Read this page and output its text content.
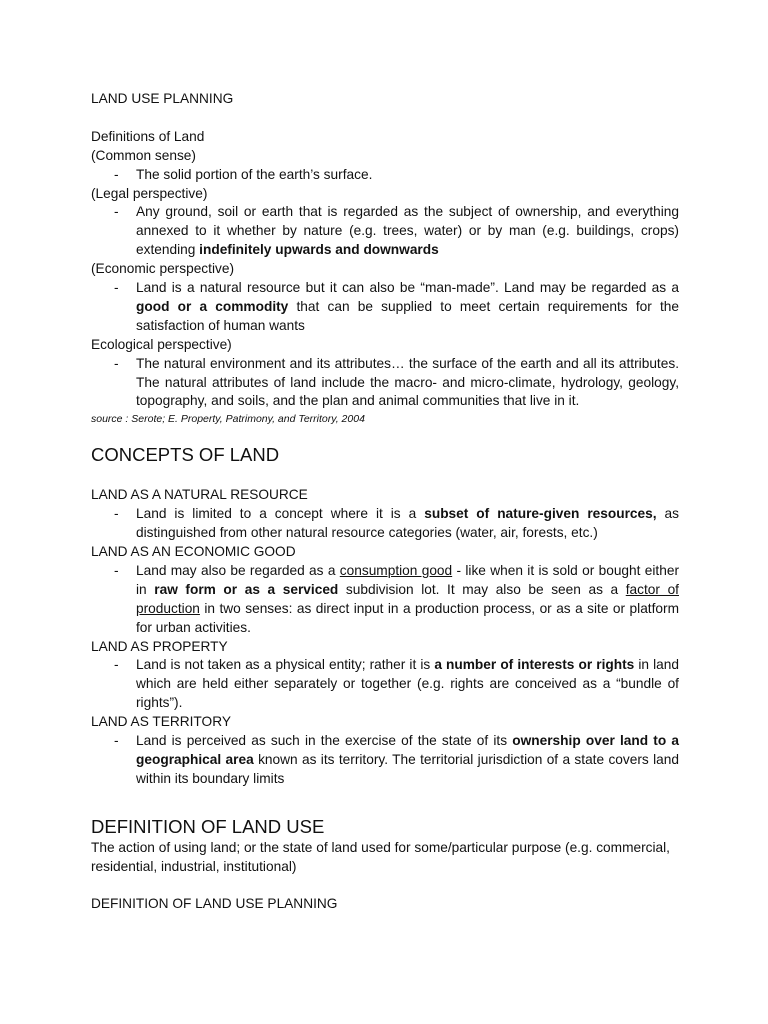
LAND USE PLANNING

Definitions of Land

(Common sense)

- The solid portion of the earth’s surface.

(Legal perspective)

- Any ground, soil or earth that is regarded as the subject of ownership, and everything annexed to it whether by nature (e.g. trees, water) or by man (e.g. buildings, crops) extending indefinitely upwards and downwards

(Economic perspective)

- Land is a natural resource but it can also be “man-made”. Land may be regarded as a good or a commodity that can be supplied to meet certain requirements for the satisfaction of human wants

Ecological perspective)

- The natural environment and its attributes… the surface of the earth and all its attributes. The natural attributes of land include the macro- and micro-climate, hydrology, geology, topography, and soils, and the plan and animal communities that live in it.

source : Serote; E. Property, Patrimony, and Territory, 2004

CONCEPTS OF LAND

LAND AS A NATURAL RESOURCE

- Land is limited to a concept where it is a subset of nature-given resources, as distinguished from other natural resource categories (water, air, forests, etc.)

LAND AS AN ECONOMIC GOOD

- Land may also be regarded as a consumption good - like when it is sold or bought either in raw form or as a serviced subdivision lot. It may also be seen as a factor of production in two senses: as direct input in a production process, or as a site or platform for urban activities.

LAND AS PROPERTY

- Land is not taken as a physical entity; rather it is a number of interests or rights in land which are held either separately or together (e.g. rights are conceived as a “bundle of rights”).

LAND AS TERRITORY

- Land is perceived as such in the exercise of the state of its ownership over land to a geographical area known as its territory. The territorial jurisdiction of a state covers land within its boundary limits
DEFINITION OF LAND USE

The action of using land; or the state of land used for some/particular purpose (e.g. commercial, residential, industrial, institutional)

DEFINITION OF LAND USE PLANNING
